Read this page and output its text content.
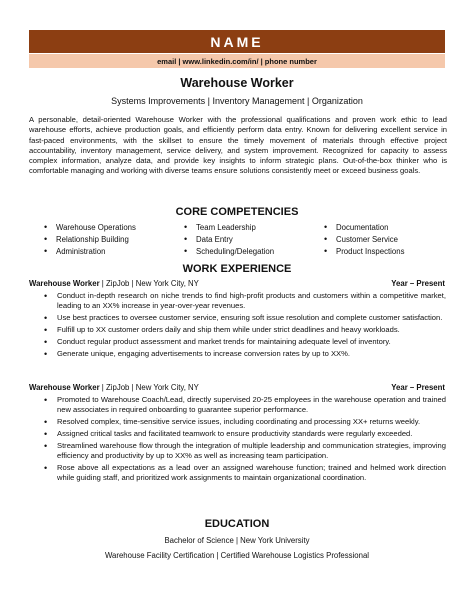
NAME
email | www.linkedin.com/in/ | phone number
Warehouse Worker
Systems Improvements | Inventory Management | Organization

A personable, detail-oriented Warehouse Worker with the professional qualifications and proven work ethic to lead warehouse efforts, achieve production goals, and efficiently perform data entry. Known for delivering excellent service in fast-paced environments, with the skillset to ensure the timely movement of materials through effective project accountability, inventory management, service delivery, and system improvement. Recognized for capacity to assess complex information, analyze data, and provide key insights to inform strategic plans. Out-of-the-box thinker who is comfortable managing and working with diverse teams ensure solutions consistently meet or exceed business goals.

CORE COMPETENCIES
• Warehouse Operations	• Team Leadership	• Documentation
• Relationship Building	• Data Entry	• Customer Service
• Administration	• Scheduling/Delegation	• Product Inspections
WORK EXPERIENCE
Warehouse Worker | ZipJob | New York City, NY	Year – Present
• Conduct in-depth research on niche trends to find high-profit products and customers within a competitive market, leading to an XX% increase in year-over-year revenues.
• Use best practices to oversee customer service, ensuring soft issue resolution and complete customer satisfaction.
• Fulfill up to XX customer orders daily and ship them while under strict deadlines and heavy workloads.
• Conduct regular product assessment and market trends for maintaining adequate level of inventory.
• Generate unique, engaging advertisements to increase conversion rates by up to XX%.
Warehouse Worker | ZipJob | New York City, NY	Year – Present
• Promoted to Warehouse Coach/Lead, directly supervised 20-25 employees in the warehouse operation and trained new associates in required onboarding to guarantee superior performance.
• Resolved complex, time-sensitive service issues, including coordinating and processing XX+ returns weekly.
• Assigned critical tasks and facilitated teamwork to ensure productivity standards were regularly exceeded.
• Streamlined warehouse flow through the integration of multiple leadership and communication strategies, improving efficiency and productivity by up to XX% as well as increasing team participation.
• Rose above all expectations as a lead over an assigned warehouse function; trained and helmed work direction while guiding staff, and prioritized work assignments to maintain organizational coordination.
EDUCATION
Bachelor of Science | New York University
Warehouse Facility Certification | Certified Warehouse Logistics Professional
